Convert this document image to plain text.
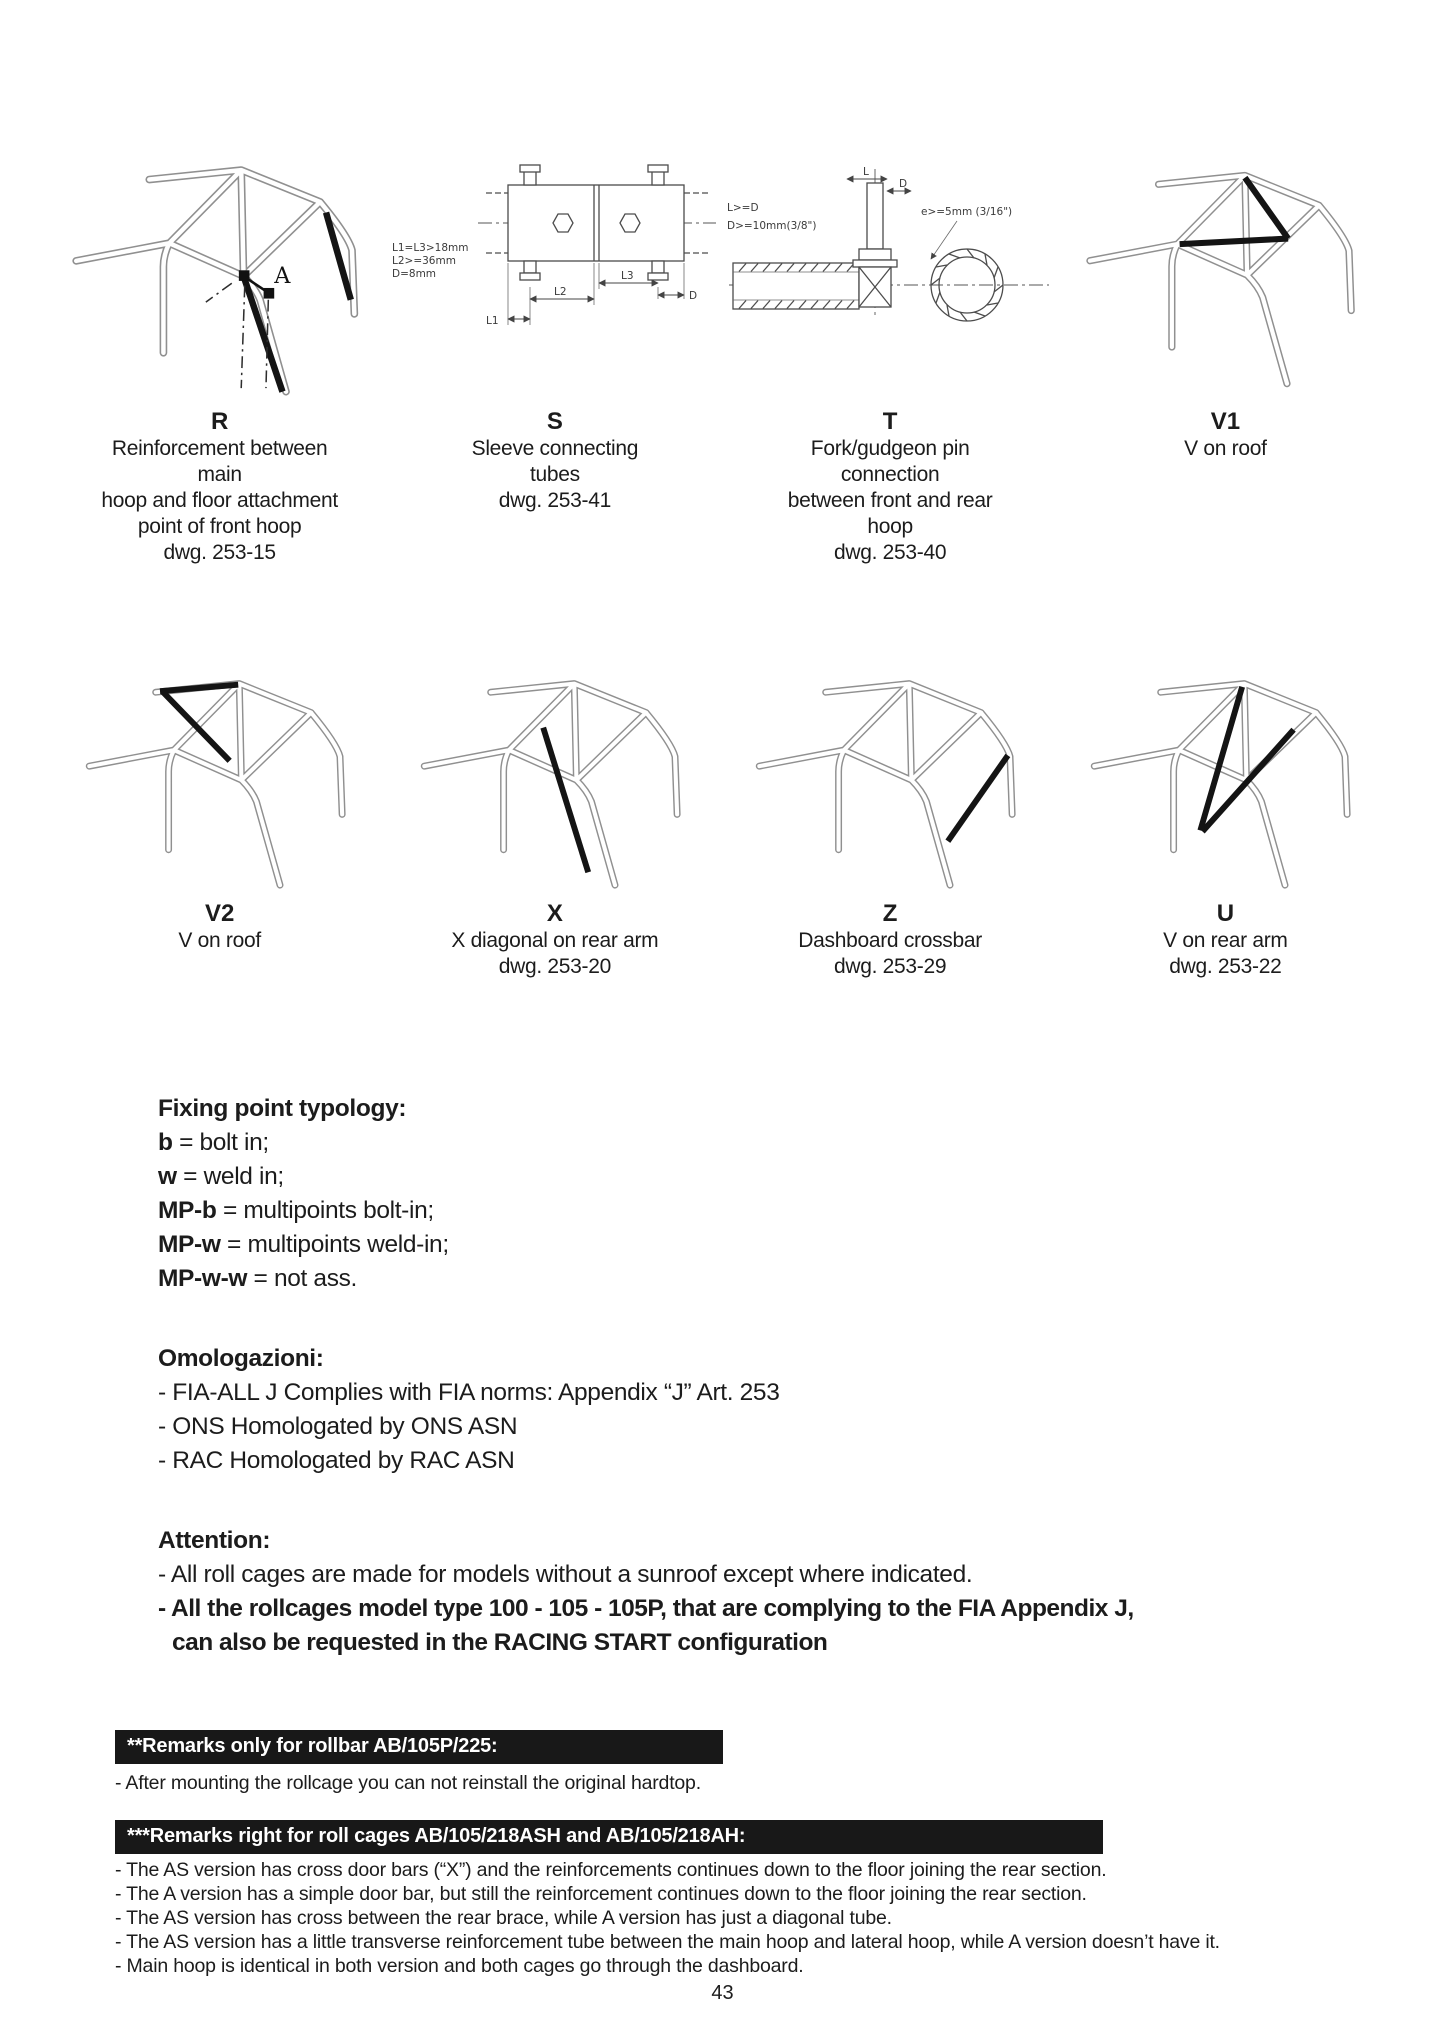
A
R
Reinforcement between main
hoop and floor attachment
point of front hoop
dwg. 253-15
L1=L3>18mm
L2>=36mm
D=8mm
L1
L2
L3
D
S
Sleeve connecting
tubes
dwg. 253-41
L>=D
D>=10mm(3/8")
e>=5mm (3/16")
L
D
T
Fork/gudgeon pin connection
between front and rear hoop
dwg. 253-40
V1
V on roof
V2
V on roof
X
X diagonal on rear arm
dwg. 253-20
Z
Dashboard crossbar
dwg. 253-29
U
V on rear arm
dwg. 253-22
Fixing point typology:
b = bolt in;
w = weld in;
MP-b = multipoints bolt-in;
MP-w = multipoints weld-in;
MP-w-w = not ass.
Omologazioni:
- FIA-ALL J Complies with FIA norms: Appendix “J” Art. 253
- ONS Homologated by ONS ASN
- RAC Homologated by RAC ASN
Attention:
- All roll cages are made for models without a sunroof except where indicated.
- All the rollcages model type 100 - 105 - 105P, that are complying to the FIA Appendix J,
can also be requested in the RACING START configuration
**Remarks only for rollbar AB/105P/225:
- After mounting the rollcage you can not reinstall the original hardtop.
***Remarks right for roll cages AB/105/218ASH and AB/105/218AH:
- The AS version has cross door bars (“X”) and the reinforcements continues down to the floor joining the rear section.
- The A version has a simple door bar, but still the reinforcement continues down to the floor joining the rear section.
- The AS version has cross between the rear brace, while A version has just a diagonal tube.
- The AS version has a little transverse reinforcement tube between the main hoop and lateral hoop, while A version doesn’t have it.
- Main hoop is identical in both version and both cages go through the dashboard.
43
